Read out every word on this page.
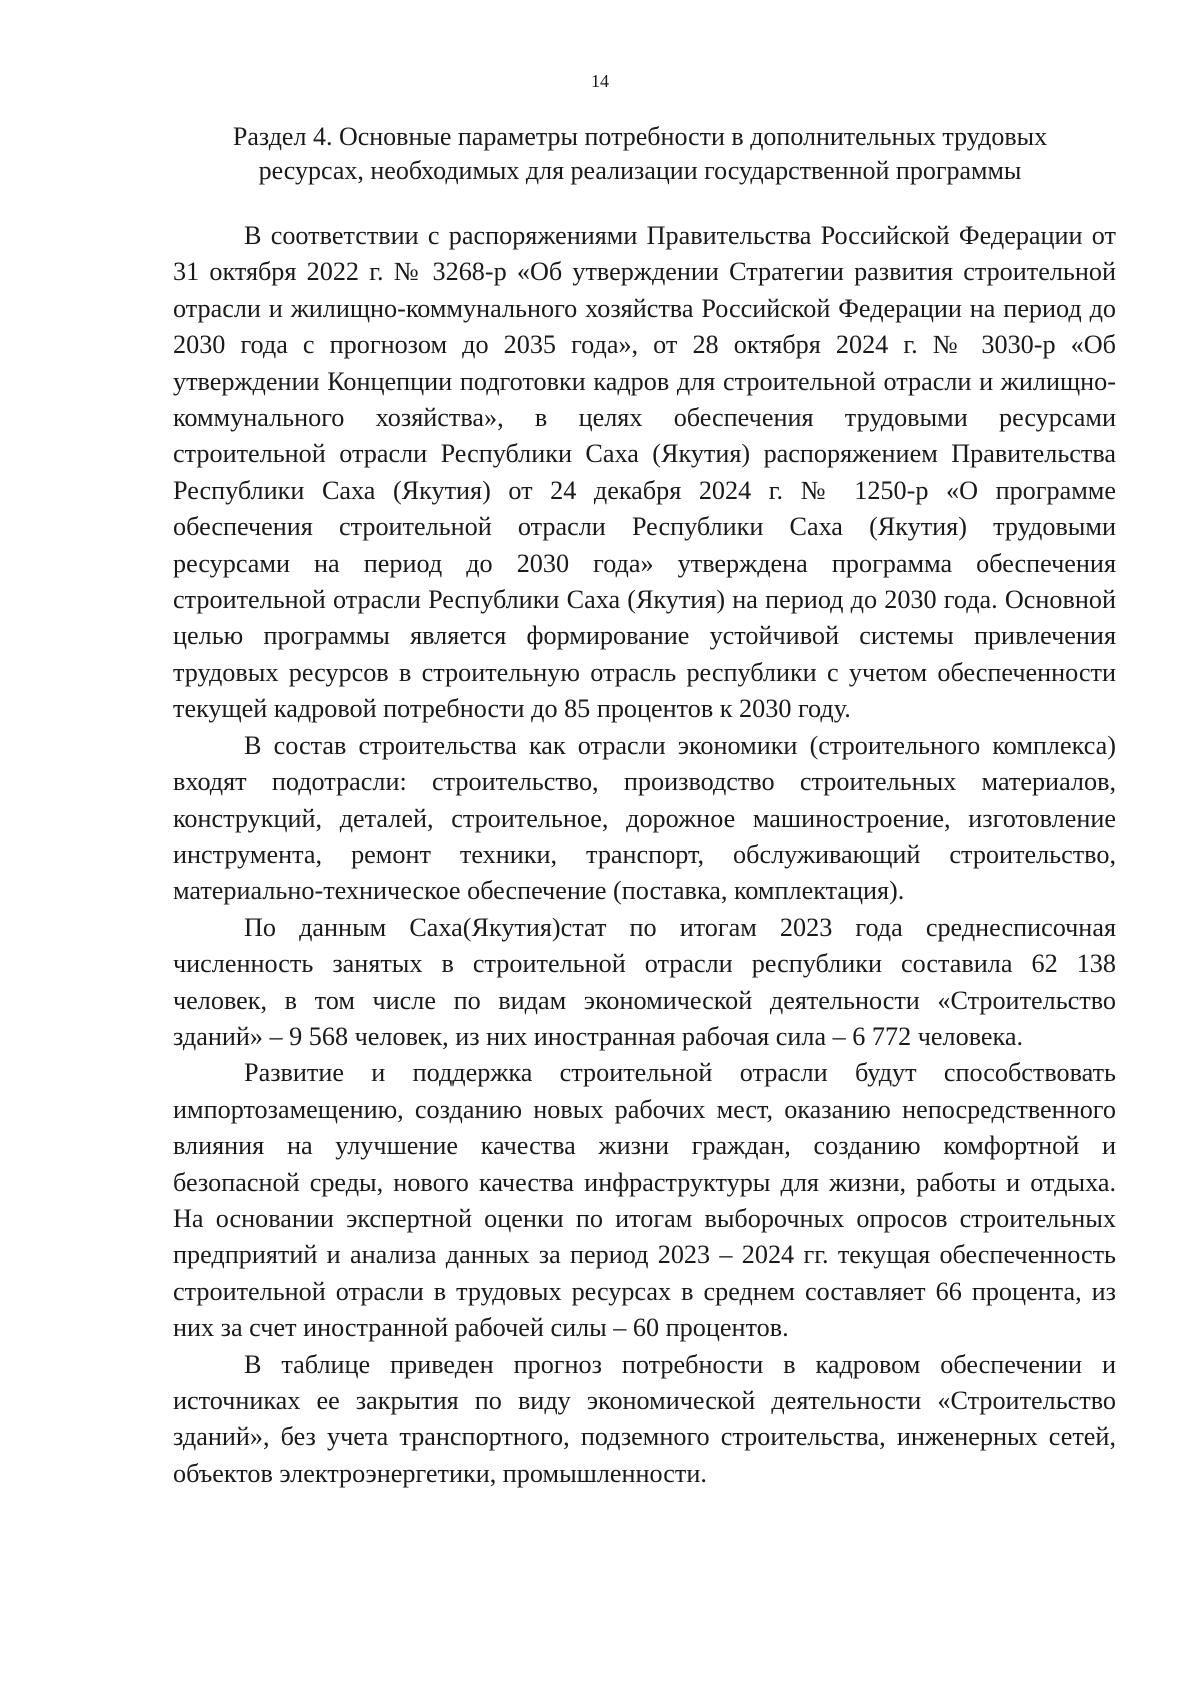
14
Раздел 4. Основные параметры потребности в дополнительных трудовых
ресурсах, необходимых для реализации государственной программы

В соответствии с распоряжениями Правительства Российской Федерации от 31 октября 2022 г. № 3268-р «Об утверждении Стратегии развития строительной отрасли и жилищно-коммунального хозяйства Российской Федерации на период до 2030 года с прогнозом до 2035 года», от 28 октября 2024 г. № 3030-р «Об утверждении Концепции подготовки кадров для строительной отрасли и жилищно-коммунального хозяйства», в целях обеспечения трудовыми ресурсами строительной отрасли Республики Саха (Якутия) распоряжением Правительства Республики Саха (Якутия) от 24 декабря 2024 г. № 1250-р «О программе обеспечения строительной отрасли Республики Саха (Якутия) трудовыми ресурсами на период до 2030 года» утверждена программа обеспечения строительной отрасли Республики Саха (Якутия) на период до 2030 года. Основной целью программы является формирование устойчивой системы привлечения трудовых ресурсов в строительную отрасль республики с учетом обеспеченности текущей кадровой потребности до 85 процентов к 2030 году.

В состав строительства как отрасли экономики (строительного комплекса) входят подотрасли: строительство, производство строительных материалов, конструкций, деталей, строительное, дорожное машиностроение, изготовление инструмента, ремонт техники, транспорт, обслуживающий строительство, материально-техническое обеспечение (поставка, комплектация).

По данным Саха(Якутия)стат по итогам 2023 года среднесписочная численность занятых в строительной отрасли республики составила 62 138 человек, в том числе по видам экономической деятельности «Строительство зданий» – 9 568 человек, из них иностранная рабочая сила – 6 772 человека.

Развитие и поддержка строительной отрасли будут способствовать импортозамещению, созданию новых рабочих мест, оказанию непосредственного влияния на улучшение качества жизни граждан, созданию комфортной и безопасной среды, нового качества инфраструктуры для жизни, работы и отдыха. На основании экспертной оценки по итогам выборочных опросов строительных предприятий и анализа данных за период 2023 – 2024 гг. текущая обеспеченность строительной отрасли в трудовых ресурсах в среднем составляет 66 процента, из них за счет иностранной рабочей силы – 60 процентов.

В таблице приведен прогноз потребности в кадровом обеспечении и источниках ее закрытия по виду экономической деятельности «Строительство зданий», без учета транспортного, подземного строительства, инженерных сетей, объектов электроэнергетики, промышленности.
